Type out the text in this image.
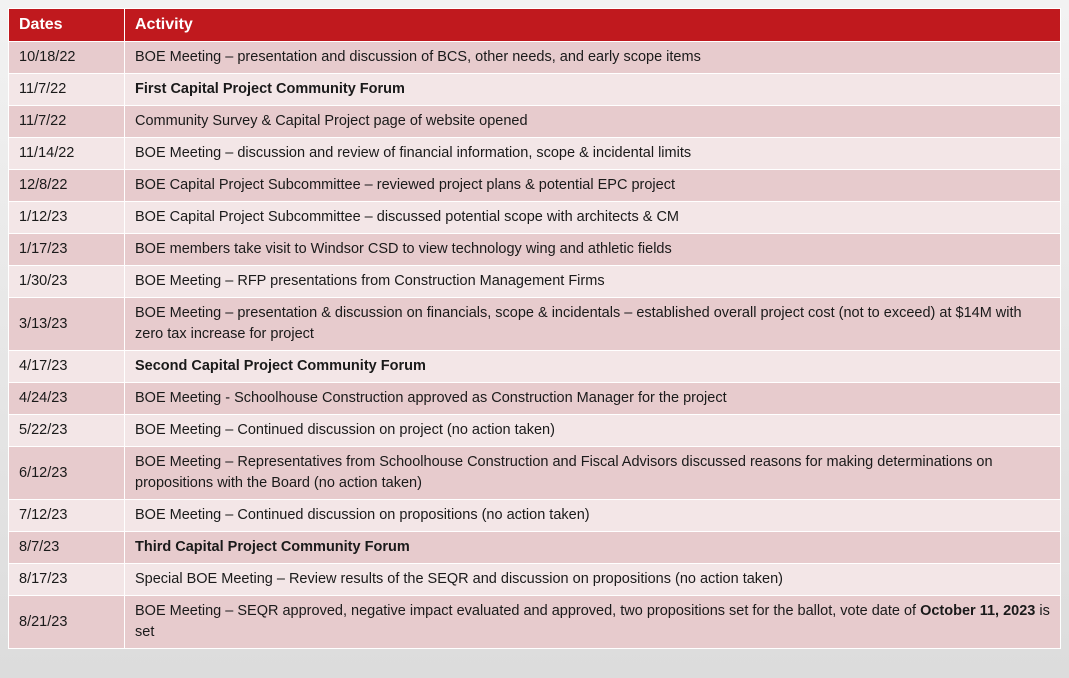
Dates	Activity
10/18/22	BOE Meeting – presentation and discussion of BCS, other needs, and early scope items
11/7/22	First Capital Project Community Forum
11/7/22	Community Survey & Capital Project page of website opened
11/14/22	BOE Meeting – discussion and review of financial information, scope & incidental limits
12/8/22	BOE Capital Project Subcommittee – reviewed project plans & potential EPC project
1/12/23	BOE Capital Project Subcommittee – discussed potential scope with architects & CM
1/17/23	BOE members take visit to Windsor CSD to view technology wing and athletic fields
1/30/23	BOE Meeting – RFP presentations from Construction Management Firms
3/13/23	BOE Meeting – presentation & discussion on financials, scope & incidentals – established overall project cost (not to exceed) at $14M with zero tax increase for project
4/17/23	Second Capital Project Community Forum
4/24/23	BOE Meeting - Schoolhouse Construction approved as Construction Manager for the project
5/22/23	BOE Meeting – Continued discussion on project (no action taken)
6/12/23	BOE Meeting – Representatives from Schoolhouse Construction and Fiscal Advisors discussed reasons for making determinations on propositions with the Board (no action taken)
7/12/23	BOE Meeting – Continued discussion on propositions (no action taken)
8/7/23	Third Capital Project Community Forum
8/17/23	Special BOE Meeting – Review results of the SEQR and discussion on propositions (no action taken)
8/21/23	BOE Meeting – SEQR approved, negative impact evaluated and approved, two propositions set for the ballot, vote date of October 11, 2023 is set
